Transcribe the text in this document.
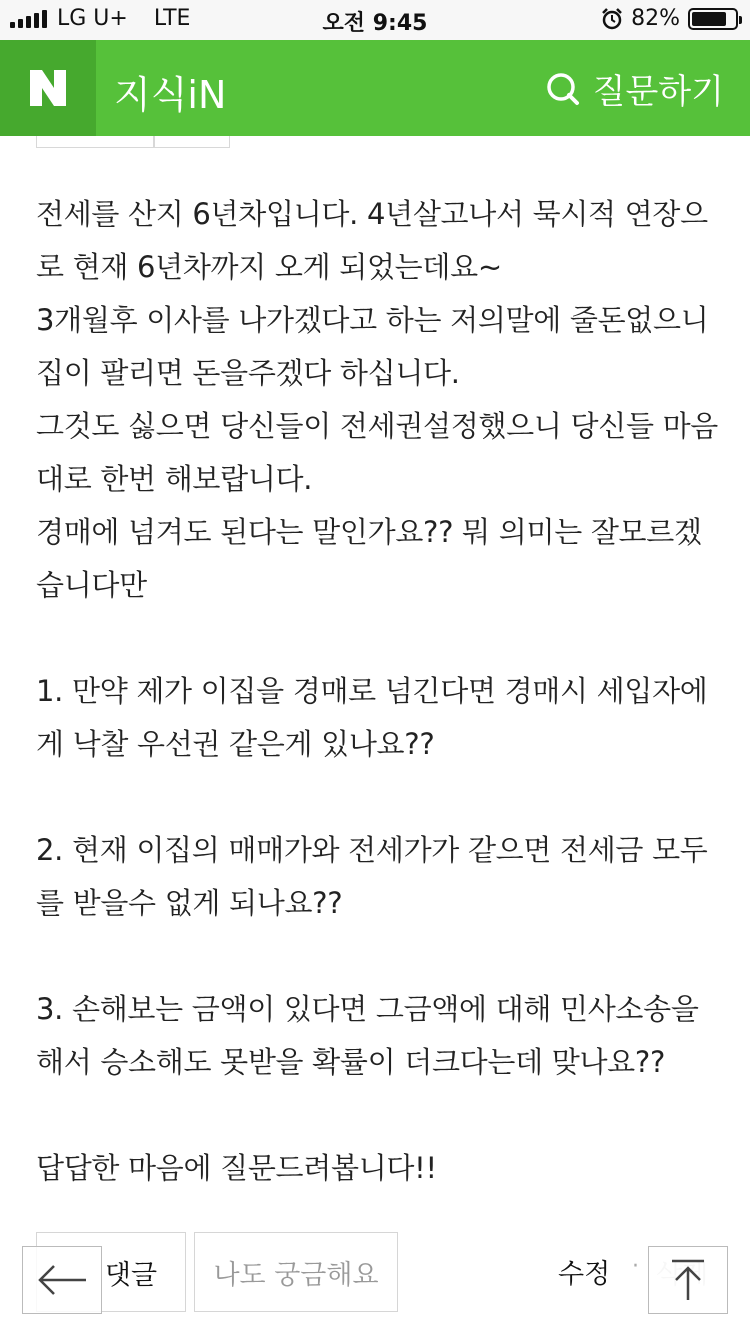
LG U+ LTE	오전 9:45	82%
지식iN	질문하기

전세를 산지 6년차입니다. 4년살고나서 묵시적 연장으로 현재 6년차까지 오게 되었는데요~

3개월후 이사를 나가겠다고 하는 저의말에 줄돈없으니 집이 팔리면 돈을주겠다 하십니다.

그것도 싫으면 당신들이 전세권설정했으니 당신들 마음대로 한번 해보랍니다.

경매에 넘겨도 된다는 말인가요?? 뭐 의미는 잘모르겠습니다만

1. 만약 제가 이집을 경매로 넘긴다면 경매시 세입자에게 낙찰 우선권 같은게 있나요??

2. 현재 이집의 매매가와 전세가가 같으면 전세금 모두를 받을수 없게 되나요??

3. 손해보는 금액이 있다면 그금액에 대해 민사소송을 해서 승소해도 못받을 확률이 더크다는데 맞나요??

답답한 마음에 질문드려봅니다!!

댓글 나도 궁금해요	수정 ·
